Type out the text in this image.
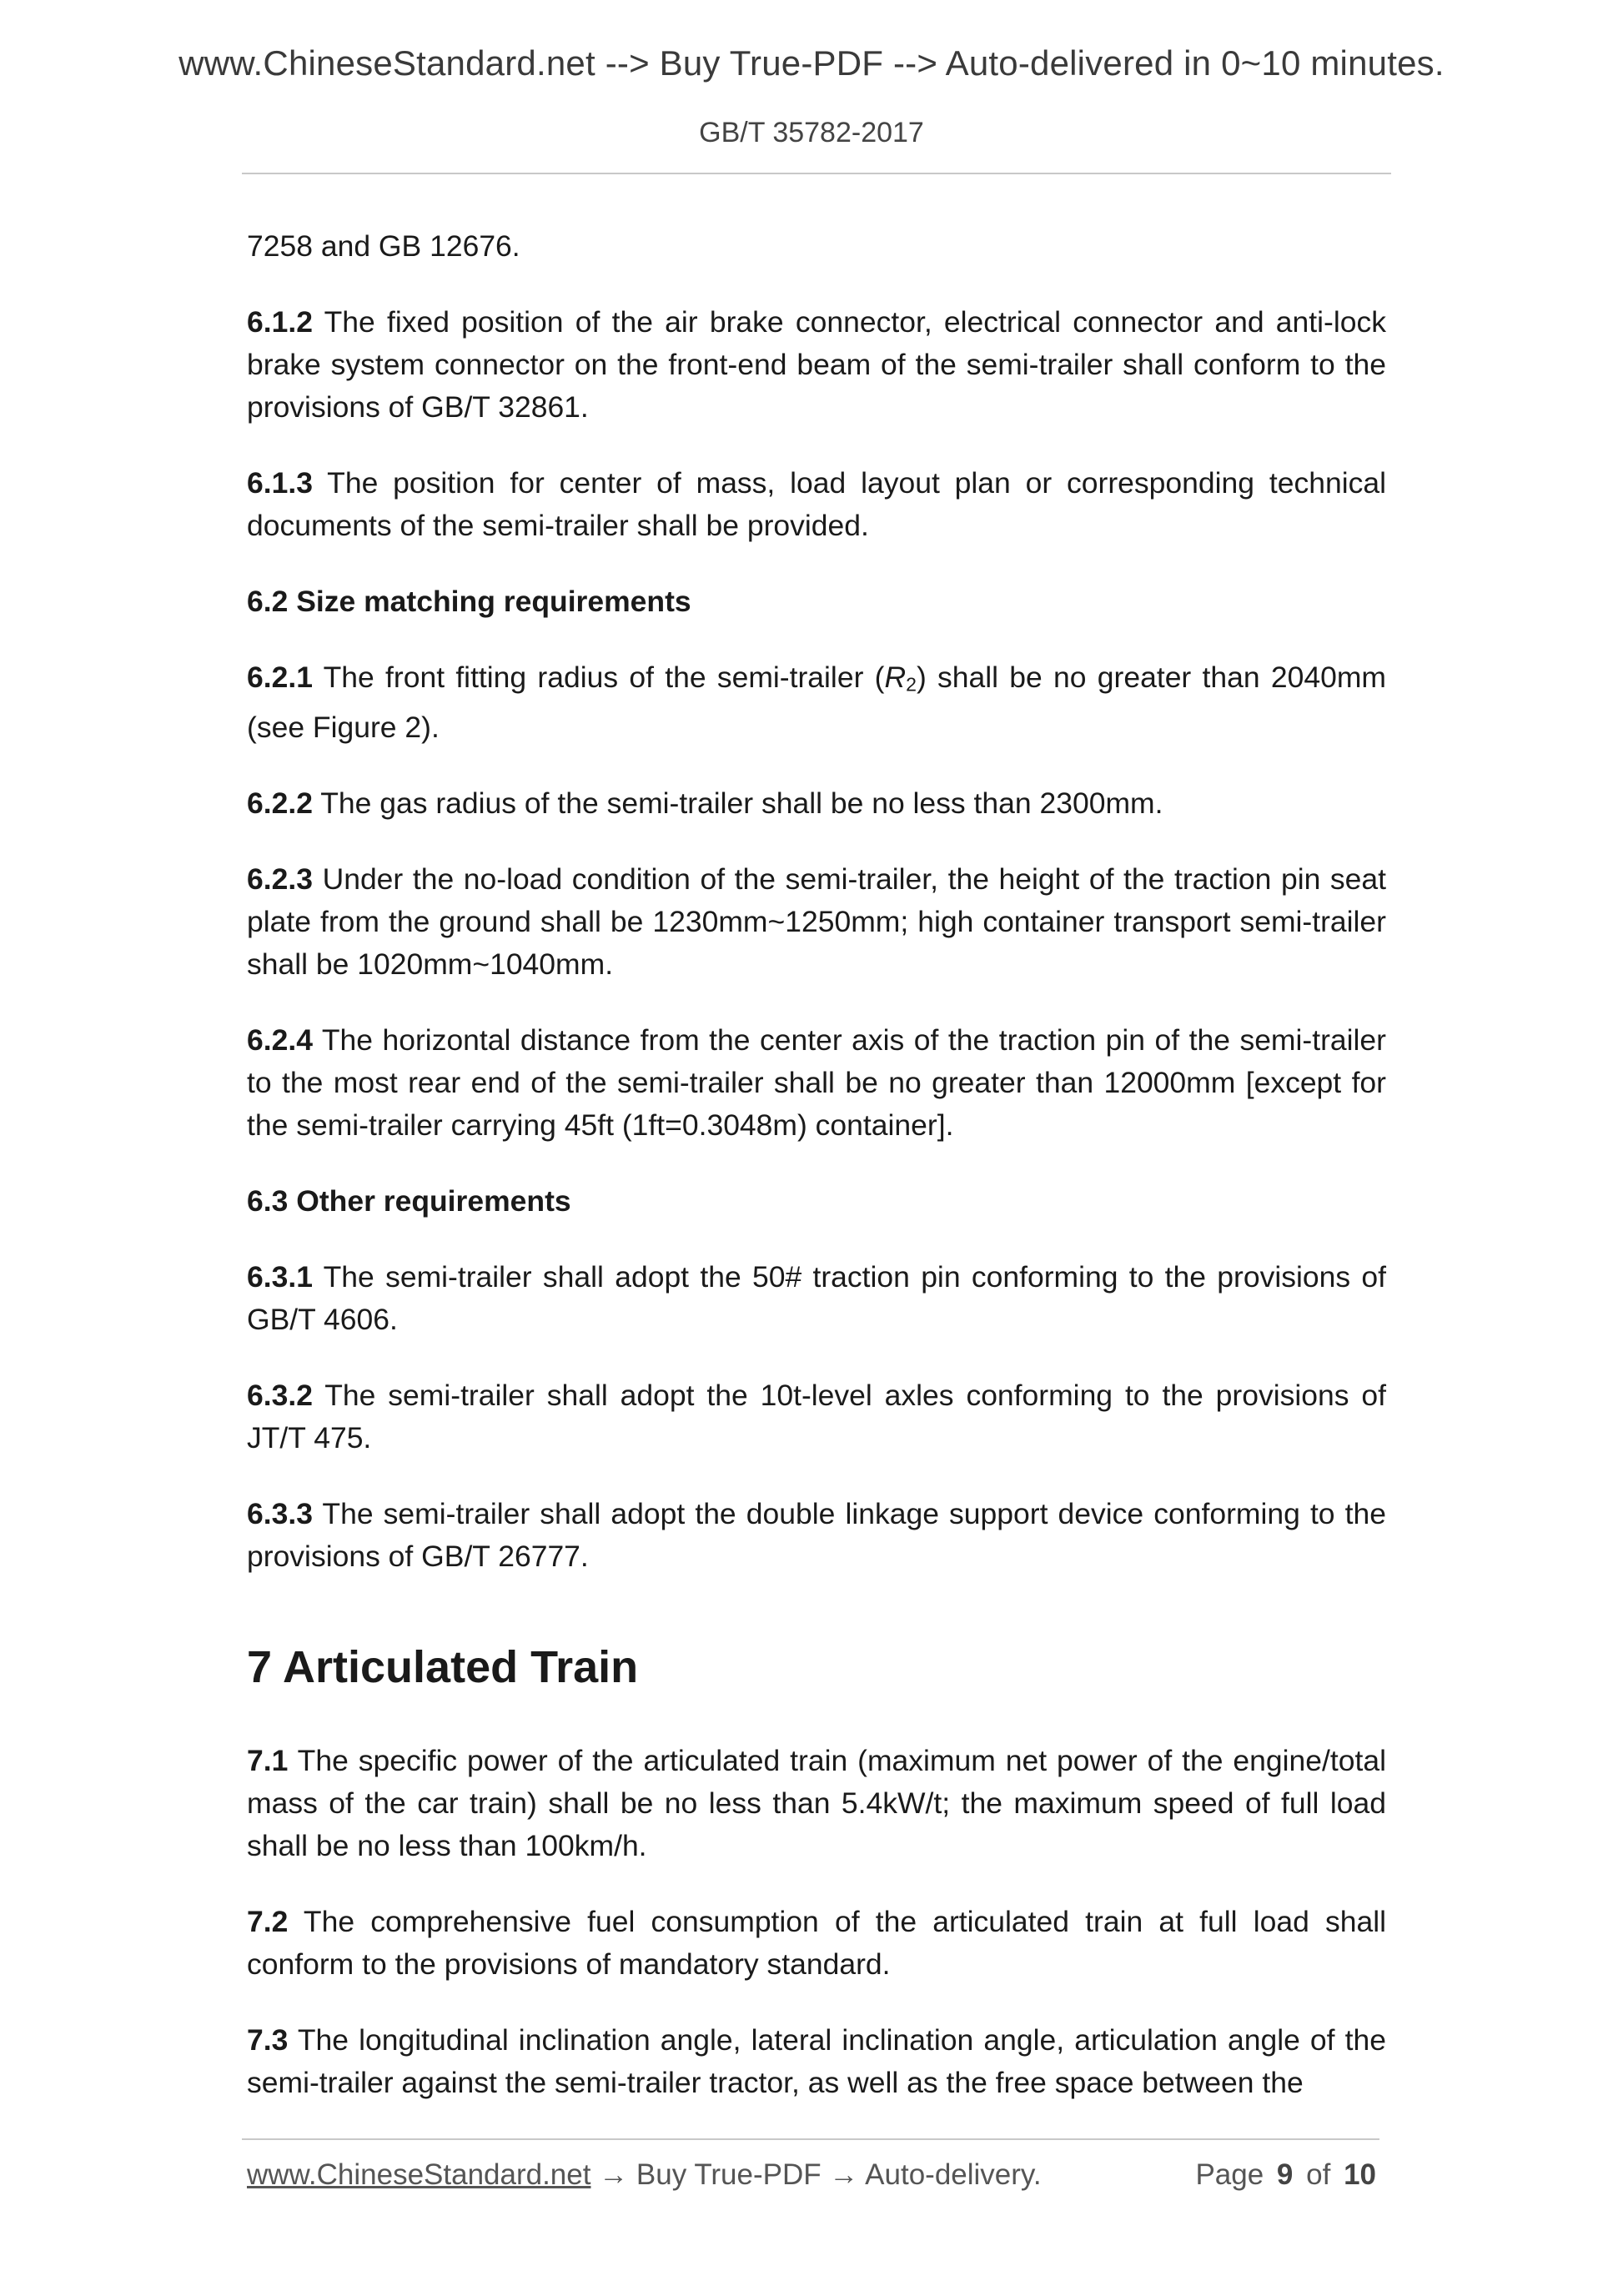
www.ChineseStandard.net --> Buy True-PDF --> Auto-delivered in 0~10 minutes.
GB/T 35782-2017

7258 and GB 12676.

6.1.2 The fixed position of the air brake connector, electrical connector and anti-lock brake system connector on the front-end beam of the semi-trailer shall conform to the provisions of GB/T 32861.

6.1.3 The position for center of mass, load layout plan or corresponding technical documents of the semi-trailer shall be provided.

6.2 Size matching requirements

6.2.1 The front fitting radius of the semi-trailer $(R_2)$ shall be no greater than 2040mm (see Figure 2).

6.2.2 The gas radius of the semi-trailer shall be no less than 2300mm.

6.2.3 Under the no-load condition of the semi-trailer, the height of the traction pin seat plate from the ground shall be 1230mm~1250mm; high container transport semi-trailer shall be 1020mm~1040mm.

6.2.4 The horizontal distance from the center axis of the traction pin of the semi-trailer to the most rear end of the semi-trailer shall be no greater than 12000mm [except for the semi-trailer carrying 45ft (1ft=0.3048m) container].

6.3 Other requirements

6.3.1 The semi-trailer shall adopt the 50# traction pin conforming to the provisions of GB/T 4606.

6.3.2 The semi-trailer shall adopt the 10t-level axles conforming to the provisions of JT/T 475.

6.3.3 The semi-trailer shall adopt the double linkage support device conforming to the provisions of GB/T 26777.

7 Articulated Train

7.1 The specific power of the articulated train (maximum net power of the engine/total mass of the car train) shall be no less than 5.4kW/t; the maximum speed of full load shall be no less than 100km/h.

7.2 The comprehensive fuel consumption of the articulated train at full load shall conform to the provisions of mandatory standard.

7.3 The longitudinal inclination angle, lateral inclination angle, articulation angle of the semi-trailer against the semi-trailer tractor, as well as the free space between the

www.ChineseStandard.net → Buy True-PDF → Auto-delivery.	Page 9 of 10
